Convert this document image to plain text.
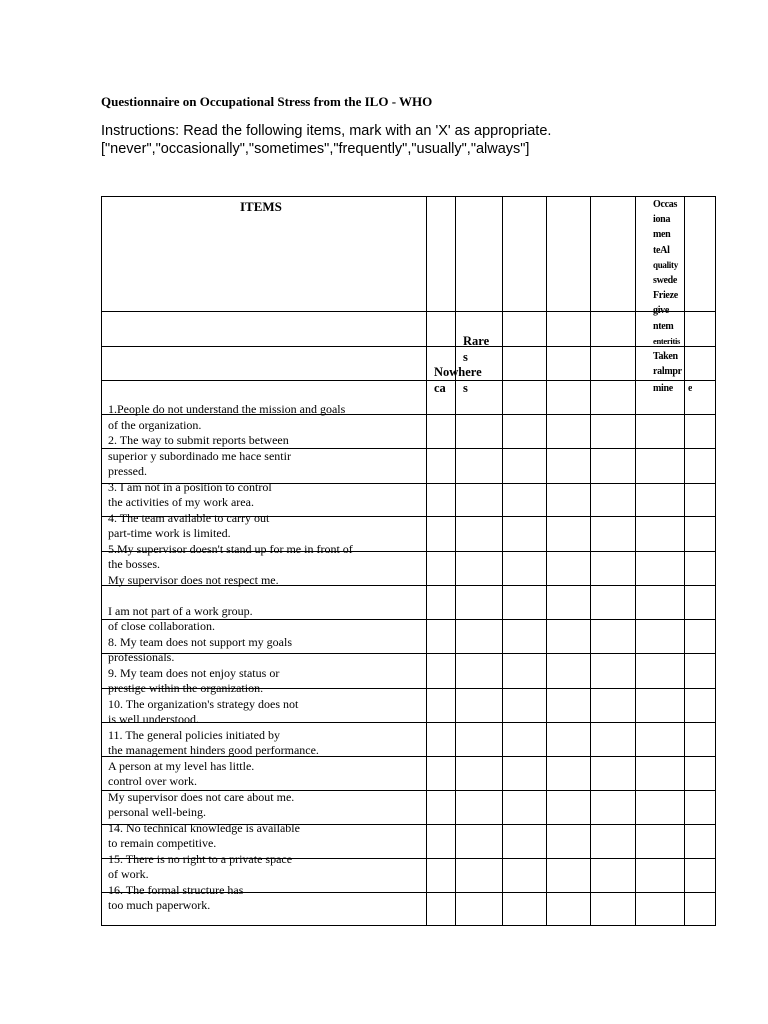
Questionnaire on Occupational Stress from the ILO - WHO
Instructions: Read the following items, mark with an 'X' as appropriate.
["never","occasionally","sometimes","frequently","usually","always"]
ITEMS
Rare
s
Nowhere
ca	s
Occas
iona
men
teAl
quality
swede
Frieze
give
ntem
enteritis
Taken
ralmpr
mine e
1.People do not understand the mission and goals
of the organization.
2. The way to submit reports between
superior y subordinado me hace sentir
pressed.
3. I am not in a position to control
the activities of my work area.
4. The team available to carry out
part-time work is limited.
5.My supervisor doesn't stand up for me in front of
the bosses.
My supervisor does not respect me.
I am not part of a work group.
of close collaboration.
8. My team does not support my goals
professionals.
9. My team does not enjoy status or
prestige within the organization.
10. The organization's strategy does not
is well understood.
11. The general policies initiated by
the management hinders good performance.
A person at my level has little.
control over work.
My supervisor does not care about me.
personal well-being.
14. No technical knowledge is available
to remain competitive.
15. There is no right to a private space
of work.
16. The formal structure has
too much paperwork.
